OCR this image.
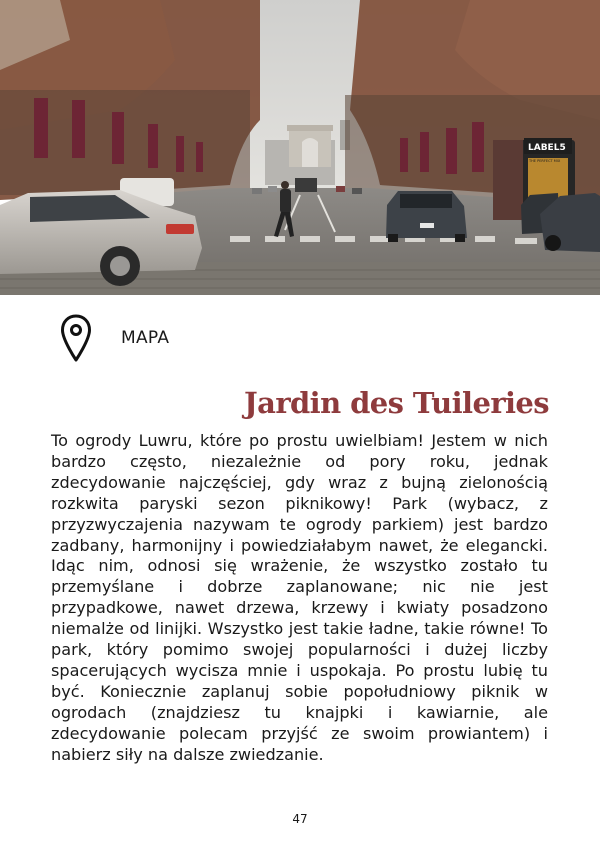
LABEL5
THE PERFECT MIX
MAPA
Jardin des Tuileries

To ogrody Luwru, które po prostu uwielbiam! Jestem w nich bardzo często, niezależnie od pory roku, jednak zdecydowanie najczęściej, gdy wraz z bujną zielonością rozkwita paryski sezon piknikowy! Park (wybacz, z przyzwyczajenia nazywam te ogrody parkiem) jest bardzo zadbany, harmonijny i powiedziałabym nawet, że elegancki. Idąc nim, odnosi się wrażenie, że wszystko zostało tu przemyślane i dobrze zaplanowane; nic nie jest przypadkowe, nawet drzewa, krzewy i kwiaty posadzono niemalże od linijki. Wszystko jest takie ładne, takie równe! To park, który pomimo swojej popularności i dużej liczby spacerujących wycisza mnie i uspokaja. Po prostu lubię tu być. Koniecznie zaplanuj sobie popołudniowy piknik w ogrodach (znajdziesz tu knajpki i kawiarnie, ale zdecydowanie polecam przyjść ze swoim prowiantem) i nabierz siły na dalsze zwiedzanie.

47
